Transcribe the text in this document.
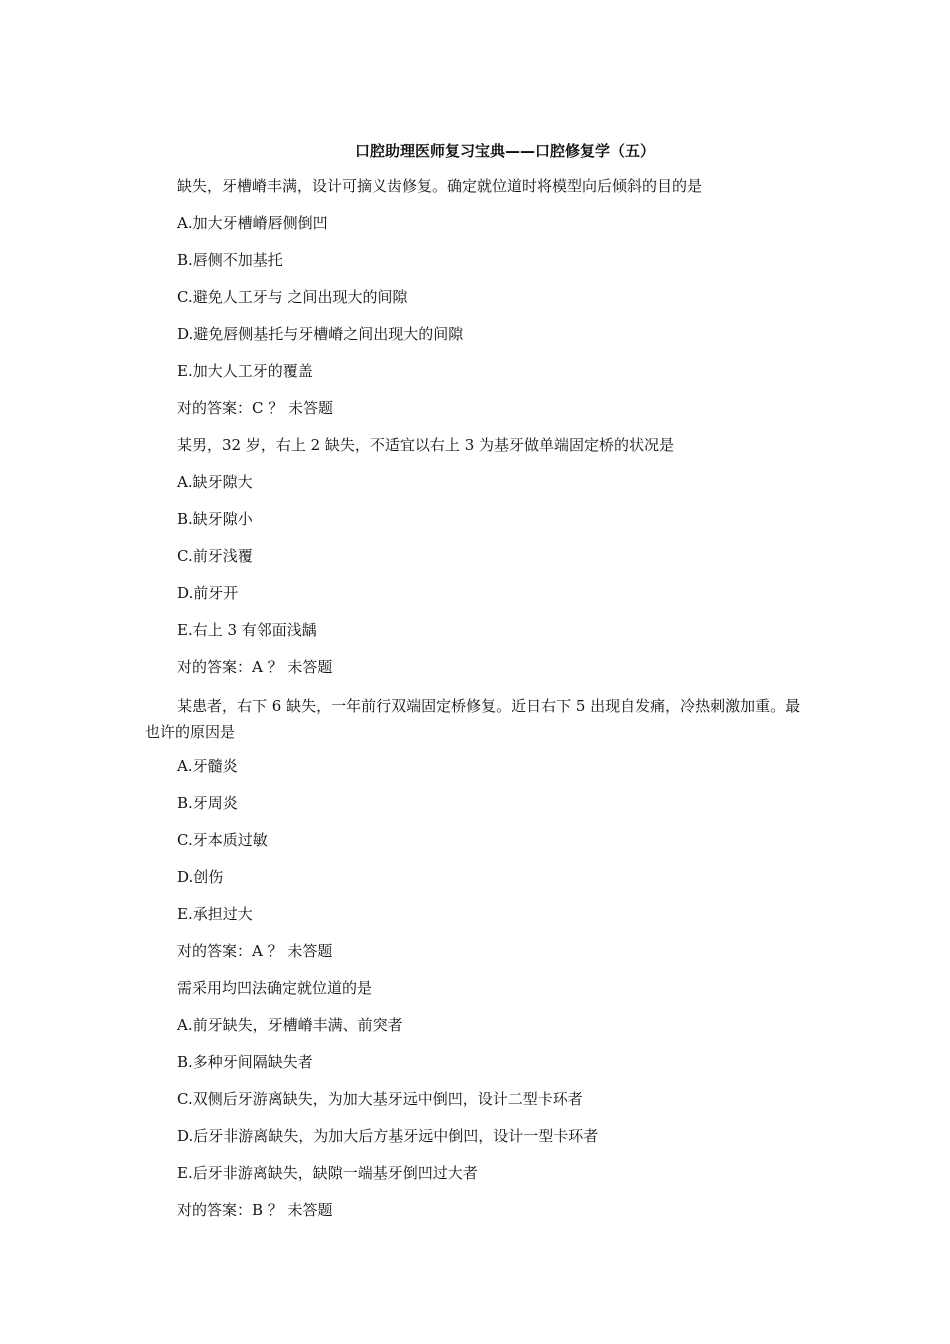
口腔助理医师复习宝典——口腔修复学（五）

缺失，牙槽嵴丰满，设计可摘义齿修复。确定就位道时将模型向后倾斜的目的是

A.加大牙槽嵴唇侧倒凹

B.唇侧不加基托

C.避免人工牙与 之间出现大的间隙

D.避免唇侧基托与牙槽嵴之间出现大的间隙

E.加大人工牙的覆盖

对的答案：C ？ 未答题

某男，32 岁，右上 2 缺失，不适宜以右上 3 为基牙做单端固定桥的状况是

A.缺牙隙大

B.缺牙隙小

C.前牙浅覆

D.前牙开

E.右上 3 有邻面浅龋

对的答案：A ？ 未答题

某患者，右下 6 缺失，一年前行双端固定桥修复。近日右下 5 出现自发痛，冷热刺激加重。最也许的原因是

A.牙髓炎

B.牙周炎

C.牙本质过敏

D.创伤

E.承担过大

对的答案：A ？ 未答题

需采用均凹法确定就位道的是

A.前牙缺失，牙槽嵴丰满、前突者

B.多种牙间隔缺失者

C.双侧后牙游离缺失，为加大基牙远中倒凹，设计二型卡环者

D.后牙非游离缺失，为加大后方基牙远中倒凹，设计一型卡环者

E.后牙非游离缺失，缺隙一端基牙倒凹过大者

对的答案：B ？ 未答题
